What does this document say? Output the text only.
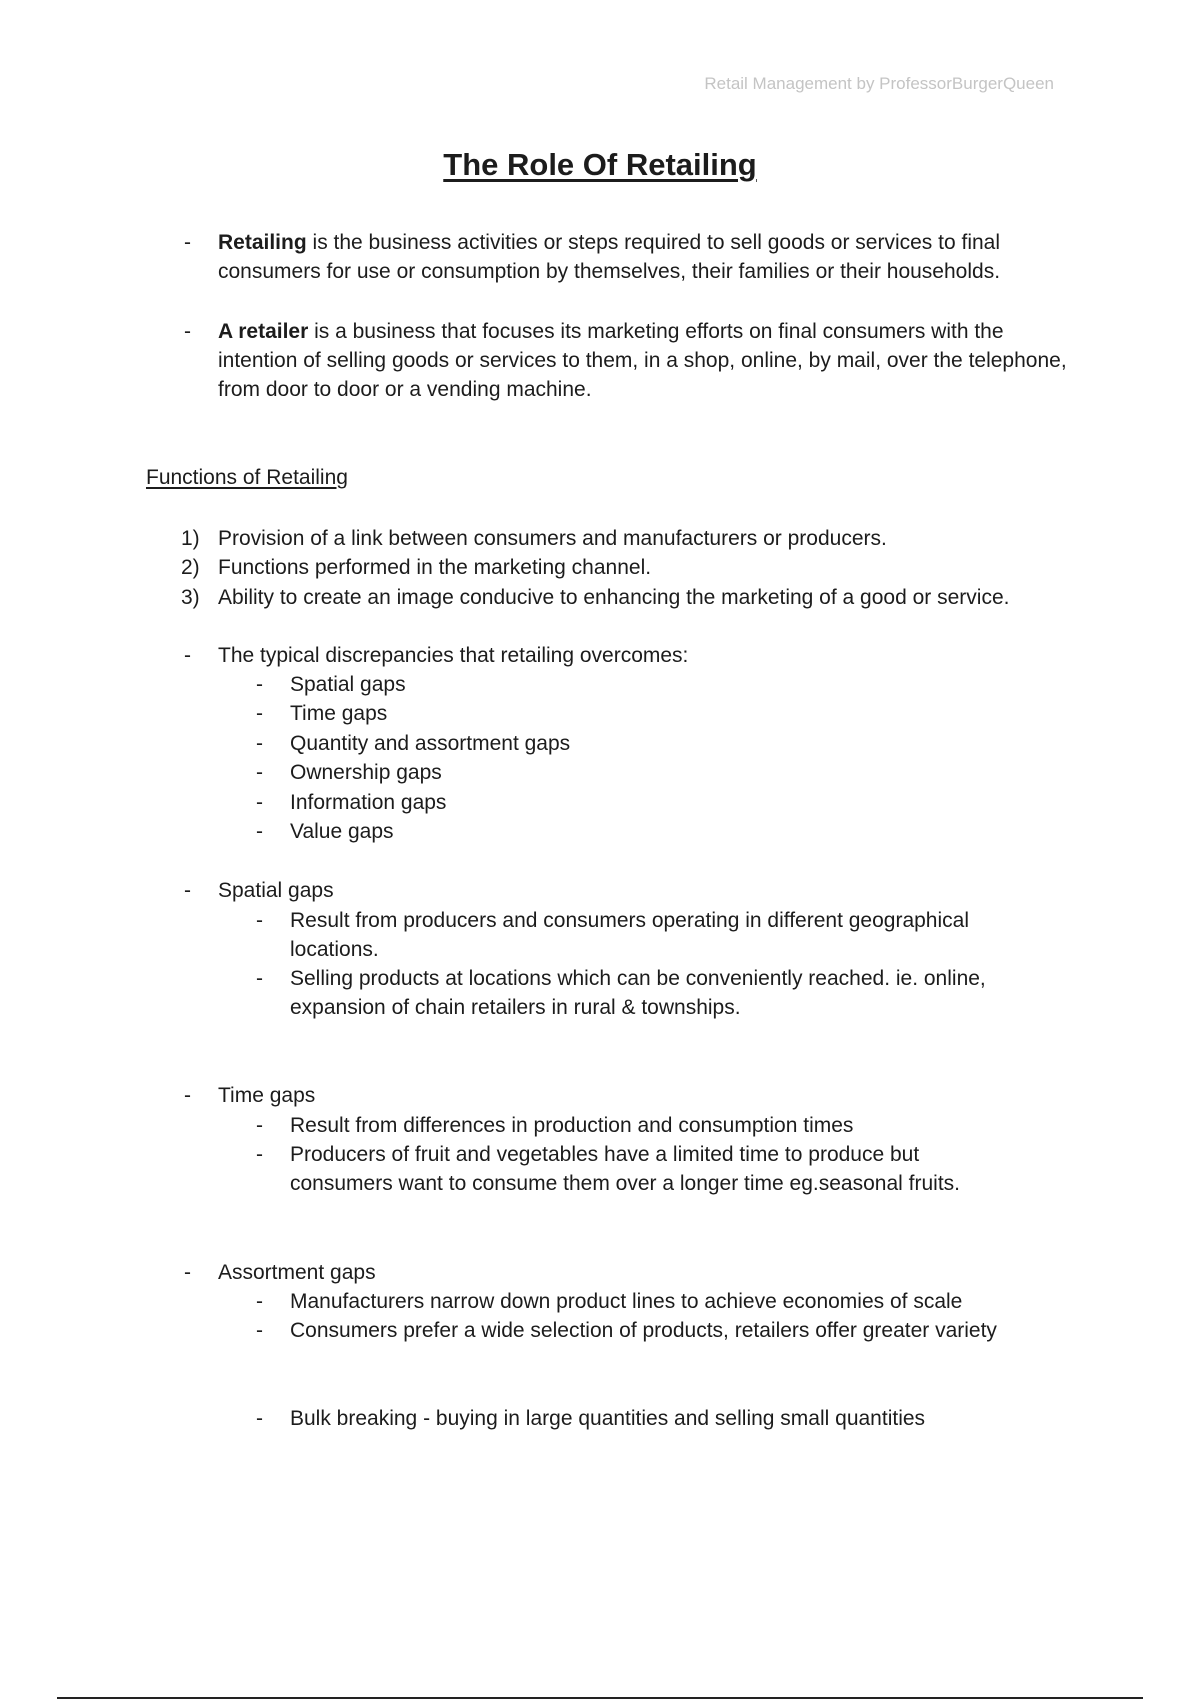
Retail Management by ProfessorBurgerQueen
The Role Of Retailing
- Retailing is the business activities or steps required to sell goods or services to final consumers for use or consumption by themselves, their families or their households.
- A retailer is a business that focuses its marketing efforts on final consumers with the intention of selling goods or services to them, in a shop, online, by mail, over the telephone, from door to door or a vending machine.
Functions of Retailing
1) Provision of a link between consumers and manufacturers or producers.
2) Functions performed in the marketing channel.
3) Ability to create an image conducive to enhancing the marketing of a good or service.
- The typical discrepancies that retailing overcomes:
- Spatial gaps
- Time gaps
- Quantity and assortment gaps
- Ownership gaps
- Information gaps
- Value gaps
- Spatial gaps
- Result from producers and consumers operating in different geographical locations.
- Selling products at locations which can be conveniently reached. ie. online, expansion of chain retailers in rural & townships.
- Time gaps
- Result from differences in production and consumption times
- Producers of fruit and vegetables have a limited time to produce but consumers want to consume them over a longer time eg.seasonal fruits.
- Assortment gaps
- Manufacturers narrow down product lines to achieve economies of scale
- Consumers prefer a wide selection of products, retailers offer greater variety
- Bulk breaking - buying in large quantities and selling small quantities
